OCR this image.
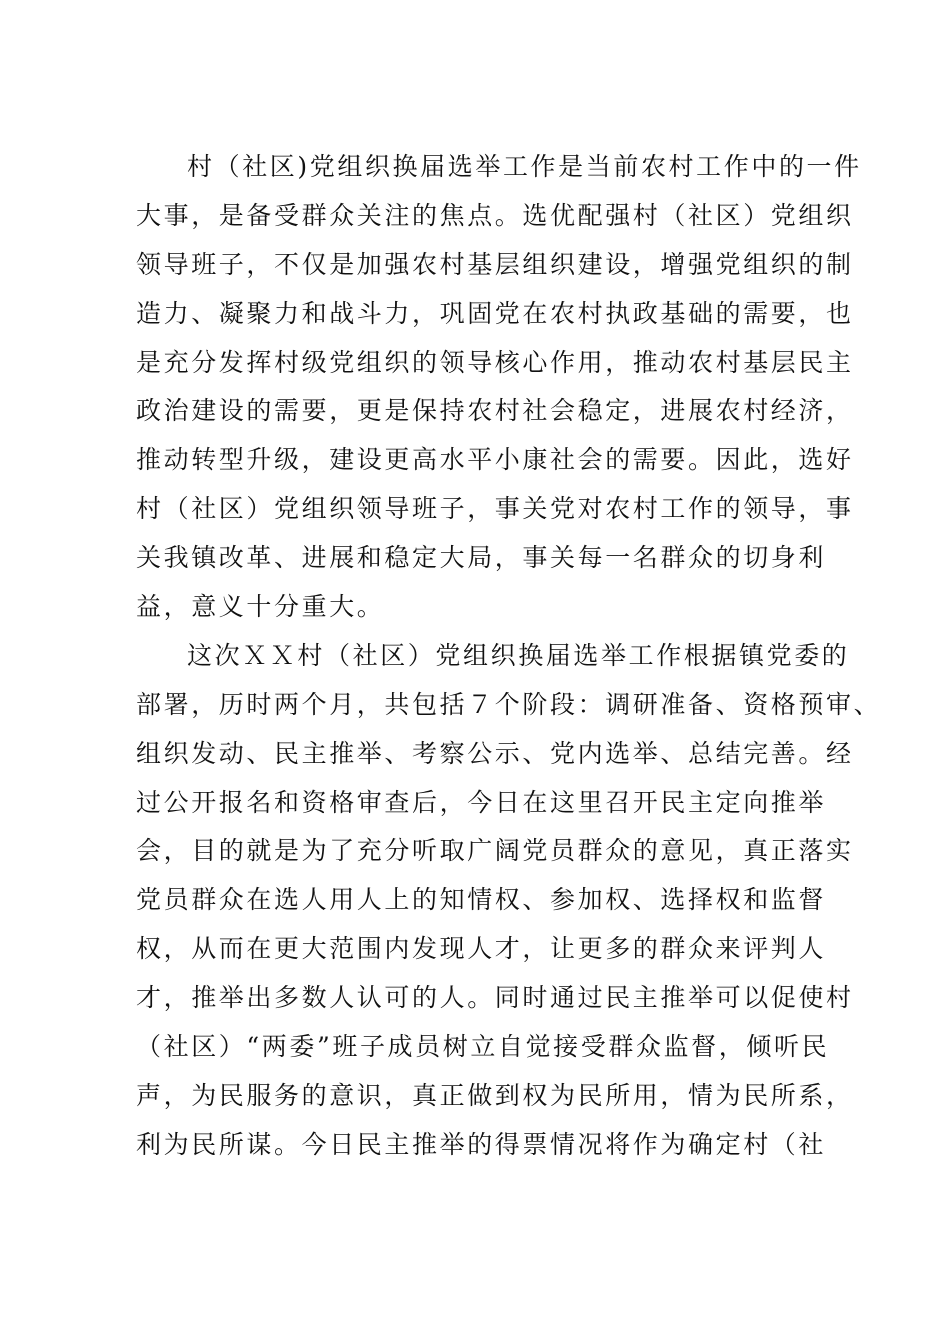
村（社区)党组织换届选举工作是当前农村工作中的一件
大事，是备受群众关注的焦点。选优配强村（社区）党组织
领导班子，不仅是加强农村基层组织建设，增强党组织的制
造力、凝聚力和战斗力，巩固党在农村执政基础的需要，也
是充分发挥村级党组织的领导核心作用，推动农村基层民主
政治建设的需要，更是保持农村社会稳定，进展农村经济，
推动转型升级，建设更高水平小康社会的需要。因此，选好
村（社区）党组织领导班子，事关党对农村工作的领导，事
关我镇改革、进展和稳定大局，事关每一名群众的切身利
益，意义十分重大。
这次ＸＸ村（社区）党组织换届选举工作根据镇党委的
部署，历时两个月，共包括７个阶段：调研准备、资格预审、
组织发动、民主推举、考察公示、党内选举、总结完善。经
过公开报名和资格审查后，今日在这里召开民主定向推举
会，目的就是为了充分听取广阔党员群众的意见，真正落实
党员群众在选人用人上的知情权、参加权、选择权和监督
权，从而在更大范围内发现人才，让更多的群众来评判人
才，推举出多数人认可的人。同时通过民主推举可以促使村
（社区）“两委”班子成员树立自觉接受群众监督，倾听民
声，为民服务的意识，真正做到权为民所用，情为民所系，
利为民所谋。今日民主推举的得票情况将作为确定村（社
